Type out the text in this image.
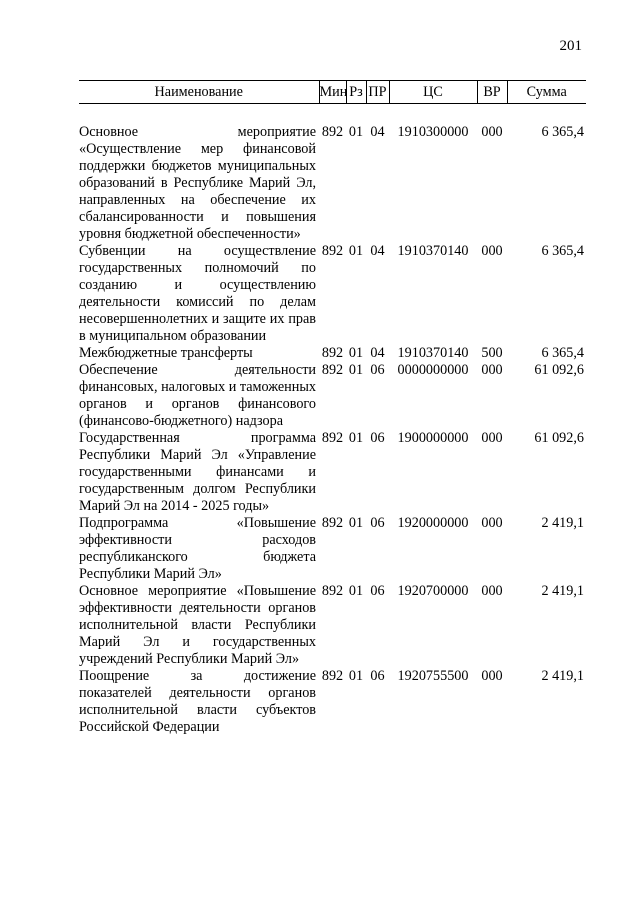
201
Наименование	Мин	Рз	ПР	ЦС	ВР	Сумма

Основное мероприятие «Осуществление мер финансовой поддержки бюджетов муниципальных образований в Республике Марий Эл, направленных на обеспечение их сбалансированности и повышения уровня бюджетной обеспеченности»	892	01	04	1910300000	000	6 365,4
Субвенции на осуществление государственных полномочий по созданию и осуществлению деятельности комиссий по делам несовершеннолетних и защите их прав в муниципальном образовании	892	01	04	1910370140	000	6 365,4
Межбюджетные трансферты	892	01	04	1910370140	500	6 365,4
Обеспечение деятельности финансовых, налоговых и таможенных органов и органов финансового (финансово-бюджетного) надзора	892	01	06	0000000000	000	61 092,6
Государственная программа Республики Марий Эл «Управление государственными финансами и государственным долгом Республики Марий Эл на 2014 - 2025 годы»	892	01	06	1900000000	000	61 092,6
Подпрограмма «Повышение эффективности расходов республиканского бюджета Республики Марий Эл»	892	01	06	1920000000	000	2 419,1
Основное мероприятие «Повышение эффективности деятельности органов исполнительной власти Республики Марий Эл и государственных учреждений Республики Марий Эл»	892	01	06	1920700000	000	2 419,1
Поощрение за достижение показателей деятельности органов исполнительной власти субъектов Российской Федерации	892	01	06	1920755500	000	2 419,1
